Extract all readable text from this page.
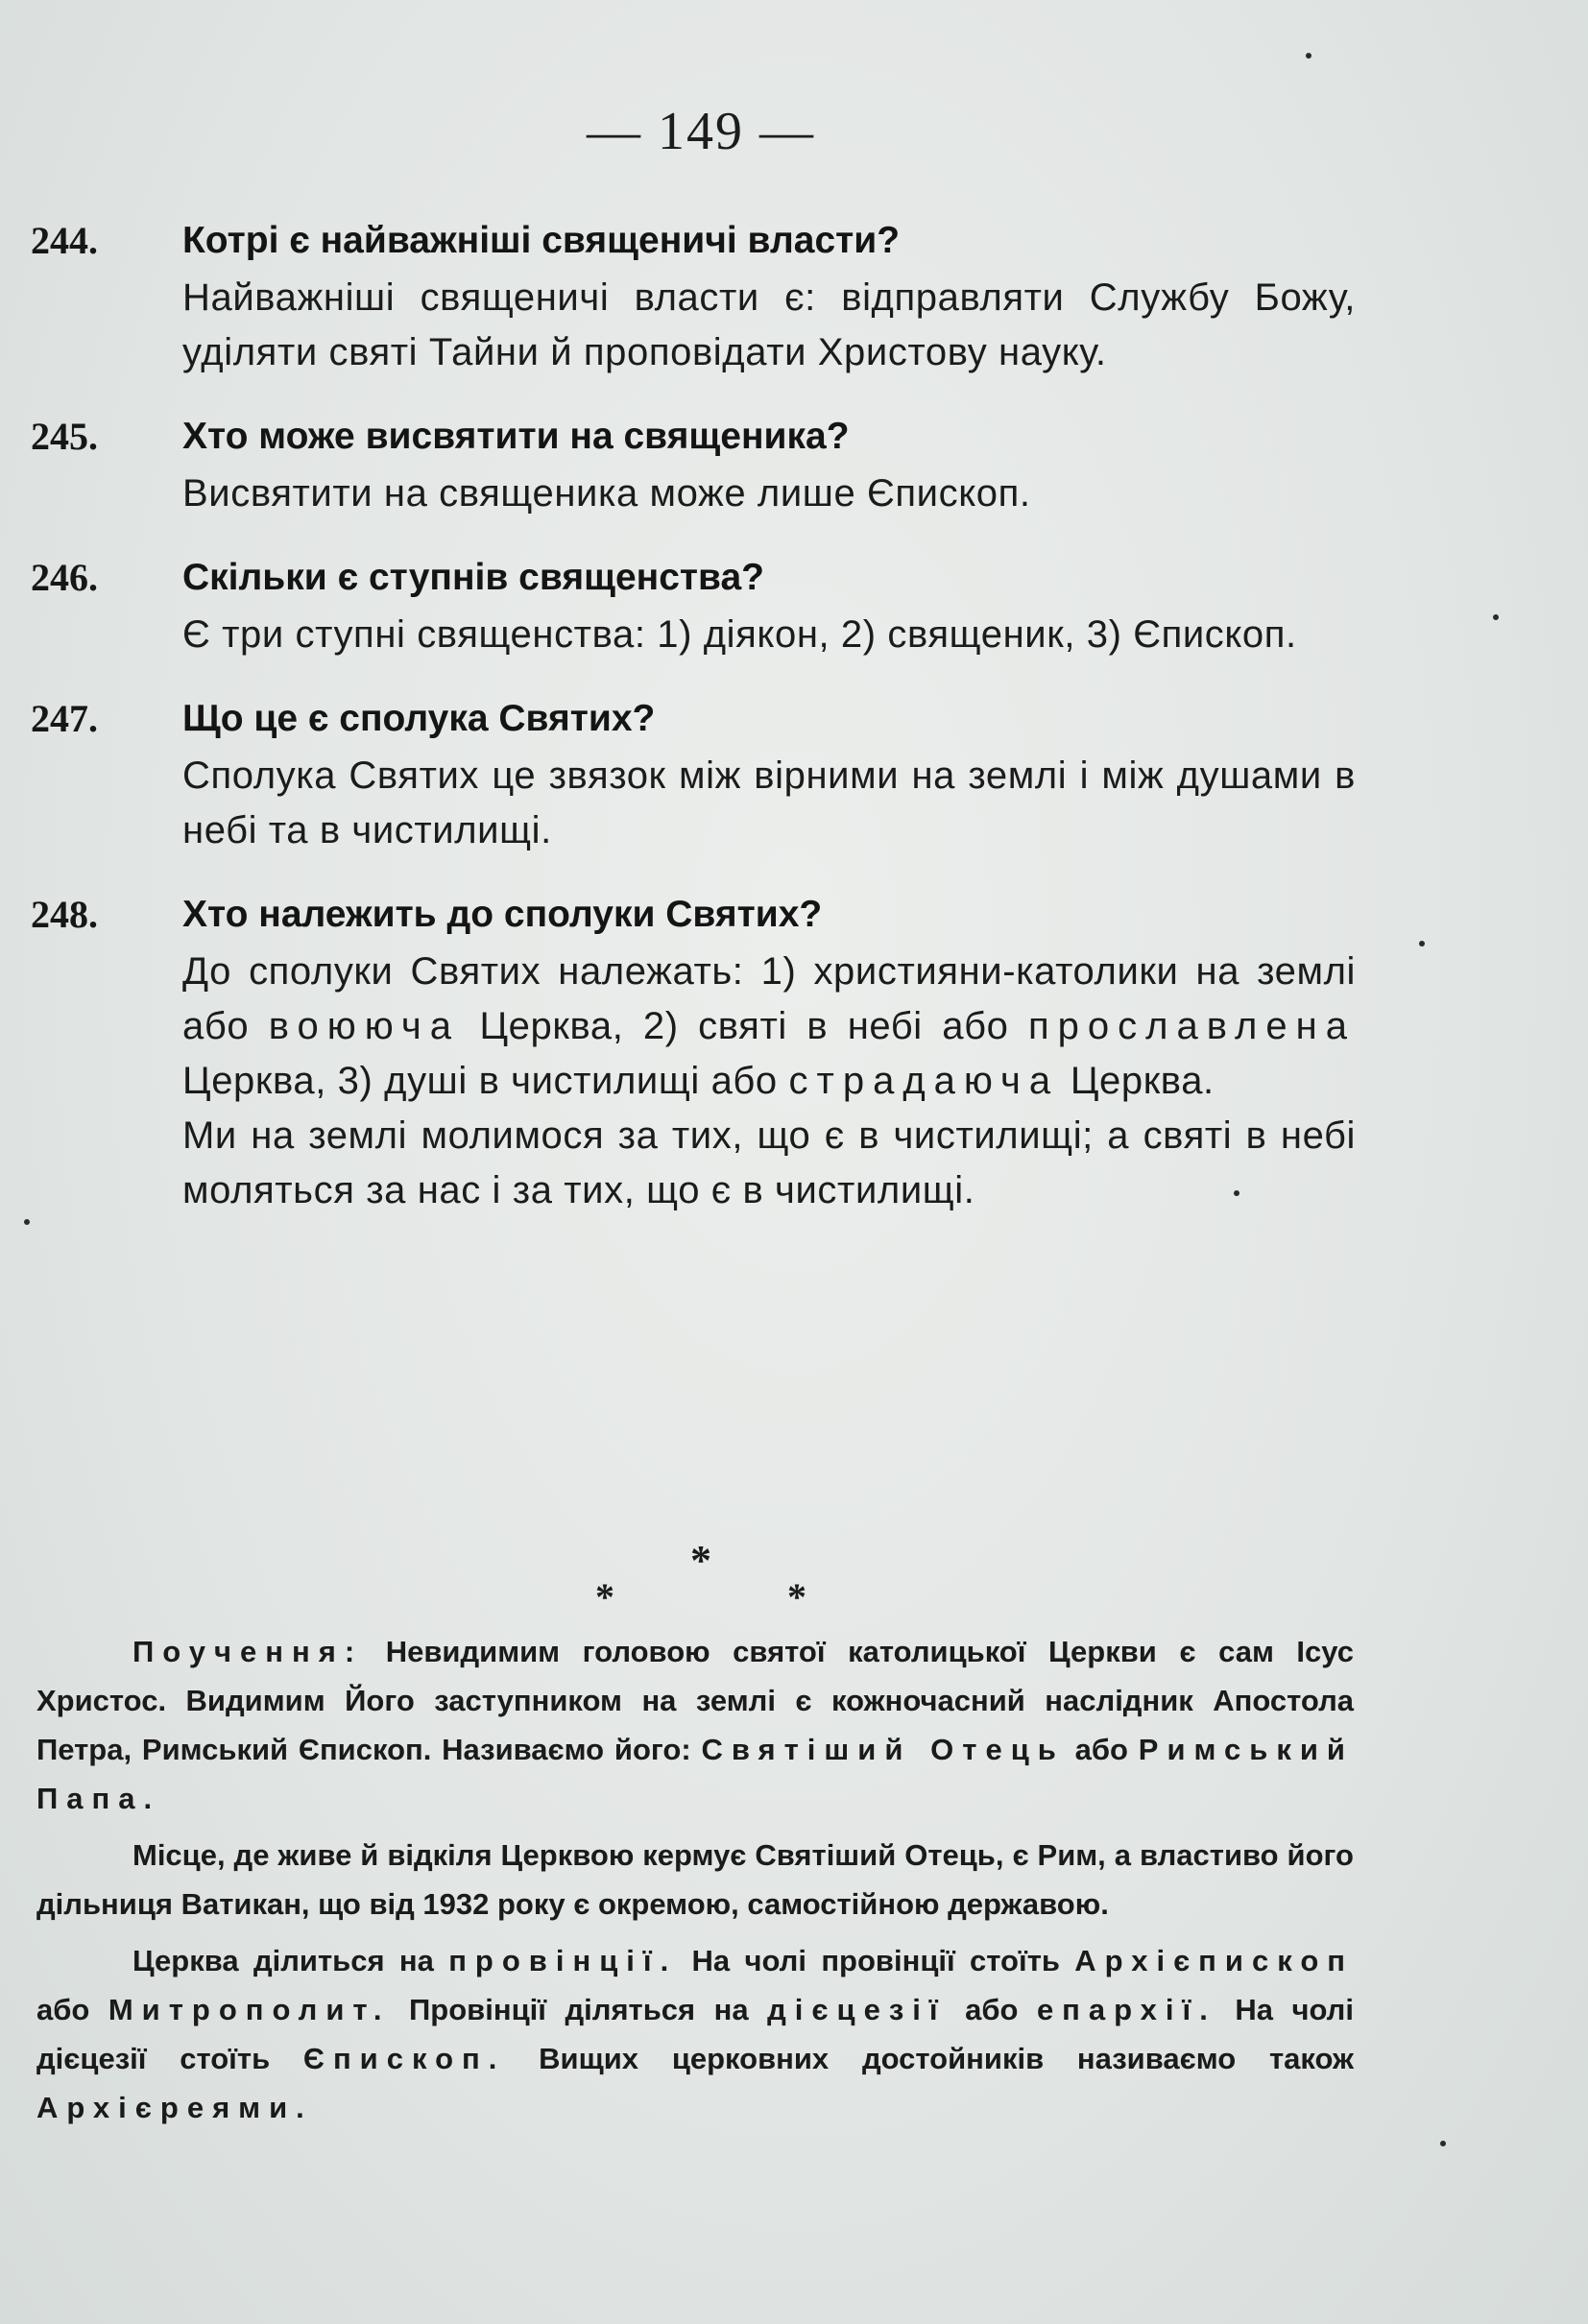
— 149 —
244.	Котрі є найважніші священичі власти?

Найважніші священичі власти є: відправляти Службу Божу, уділяти святі Тайни й проповідати Христову науку.

245.	Хто може висвятити на священика?

Висвятити на священика може лише Єпископ.

246.	Скільки є ступнів священства?

Є три ступні священства: 1) діякон, 2) священик, 3) Єпископ.

247.	Що це є сполука Святих?

Сполука Святих це звязок між вірними на землі і між душами в небі та в чистилищі.

248.	Хто належить до сполуки Святих?

До сполуки Святих належать: 1) християни-католики на землі або воюючa Церква, 2) святі в небі або прославлена Церква, 3) душі в чистилищі або страдаюча Церква.

Ми на землі молимося за тих, що є в чистилищі; а святі в небі моляться за нас і за тих, що є в чистилищі.

*
* *

Поучення: Невидимим головою святої католицької Церкви є сам Ісус Христос. Видимим Його заступником на землі є кожночасний наслідник Апостола Петра, Римський Єпископ. Називаємо його: Святіший Отець або Римський Папа.

Місце, де живе й відкіля Церквою кермує Святіший Отець, є Рим, а властиво його дільниця Ватикан, що від 1932 року є окремою, самостійною державою.

Церква ділиться на провінції. На чолі провінції стоїть Архієпископ або Митрополит. Провінції діляться на дієцезії або епархії. На чолі дієцезії стоїть Єпископ. Вищих церковних достойників називаємо також Архієреями.
